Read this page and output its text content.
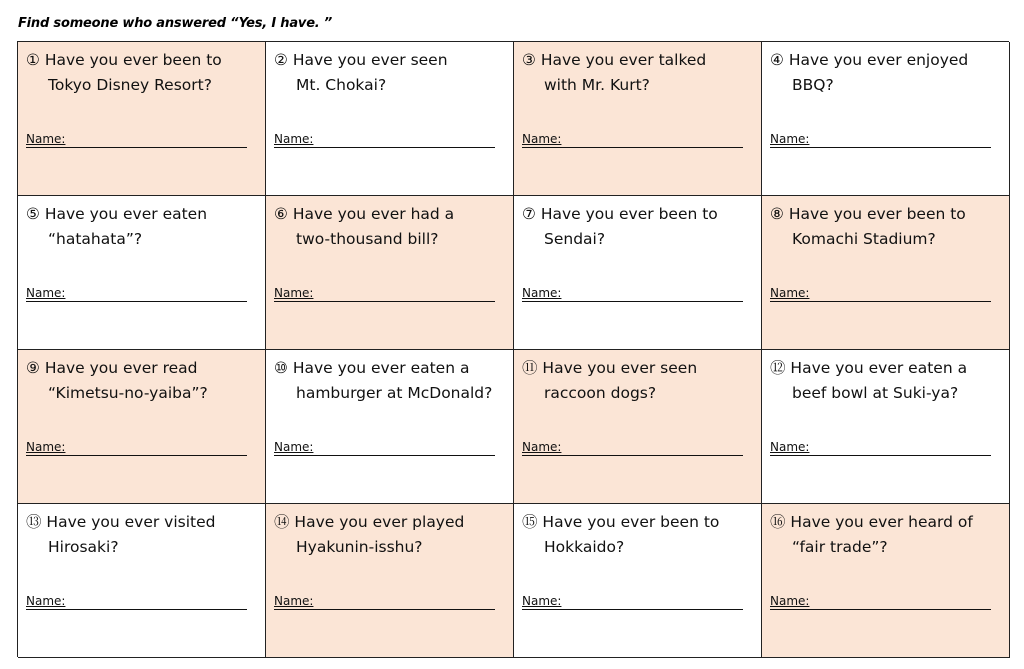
Find someone who answered “Yes, I have. ”
① Have you ever been to
Tokyo Disney Resort?
Name:
② Have you ever seen
Mt. Chokai?
Name:
③ Have you ever talked
with Mr. Kurt?
Name:
④ Have you ever enjoyed
BBQ?
Name:
⑤ Have you ever eaten
“hatahata”?
Name:
⑥ Have you ever had a
two-thousand bill?
Name:
⑦ Have you ever been to
Sendai?
Name:
⑧ Have you ever been to
Komachi Stadium?
Name:
⑨ Have you ever read
“Kimetsu-no-yaiba”?
Name:
⑩ Have you ever eaten a
hamburger at McDonald?
Name:
⑪ Have you ever seen
raccoon dogs?
Name:
⑫ Have you ever eaten a
beef bowl at Suki-ya?
Name:
⑬ Have you ever visited
Hirosaki?
Name:
⑭ Have you ever played
Hyakunin-isshu?
Name:
⑮ Have you ever been to
Hokkaido?
Name:
⑯ Have you ever heard of
“fair trade”?
Name:
